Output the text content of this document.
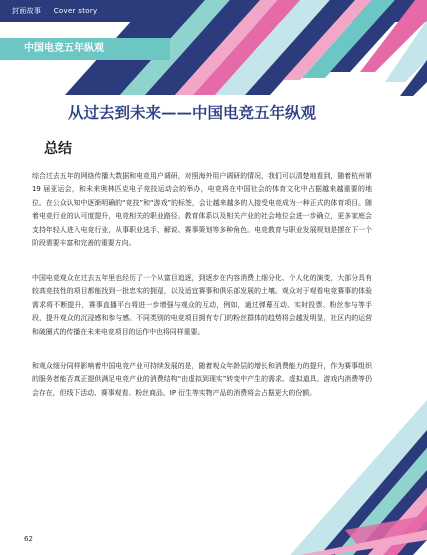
封面故事 Cover story
中国电竞五年纵观
从过去到未来——中国电竞五年纵观
总结

综合过去五年的网络传播大数据和电竞用户调研，对照海外用户调研的情况，我们可以清楚地看到，随着杭州第 19 届亚运会，和未来奥林匹克电子竞技运动会的举办，电竞将在中国社会的体育文化中占据越来越重要的地位。在公众认知中逐渐明确的“竞技”和“游戏”的标签，会让越来越多的人接受电竞成为一种正式的体育项目。随着电竞行业的认可度提升，电竞相关的职业路径、教育体系以及相关产业的社会地位会进一步确立，更多家庭会支持年轻人进入电竞行业，从事职业选手、解说、赛事策划等多种角色。电竞教育与职业发展规划是摆在下一个阶段需要丰富和完善的重要方向。

中国电竞观众在过去五年里也经历了一个从富目追逐，到逐步在内容消费上细分化、个人化的演变，大部分具有较高竞技性的项目都能找到一批忠实的拥趸，以及适宜赛事和俱乐部发展的土壤。观众对于观看电竞赛事的体验需求将不断提升，赛事直播平台将进一步增强与观众的互动，例如，通过弹幕互动、实时投票、粉丝参与等手段，提升观众的沉浸感和参与感。不同类别的电竞项目拥有专门的粉丝群体的趋势将会越发明显，社区内的运营和破圈式的传播在未来电竞项目的运作中也将同样重要。

和观众细分同样影响着中国电竞产业可持续发展的是，随着观众年龄层的增长和消费能力的提升，作为赛事组织的服务者能否真正提供满足电竞产业的消费结构“由虚拟到现实”转变中产生的需求。虚拟道具、游戏内消费等仍会存在，但线下活动、赛事观看、粉丝商品、IP 衍生等实物产品的消费将会占据更大的份额。

62
